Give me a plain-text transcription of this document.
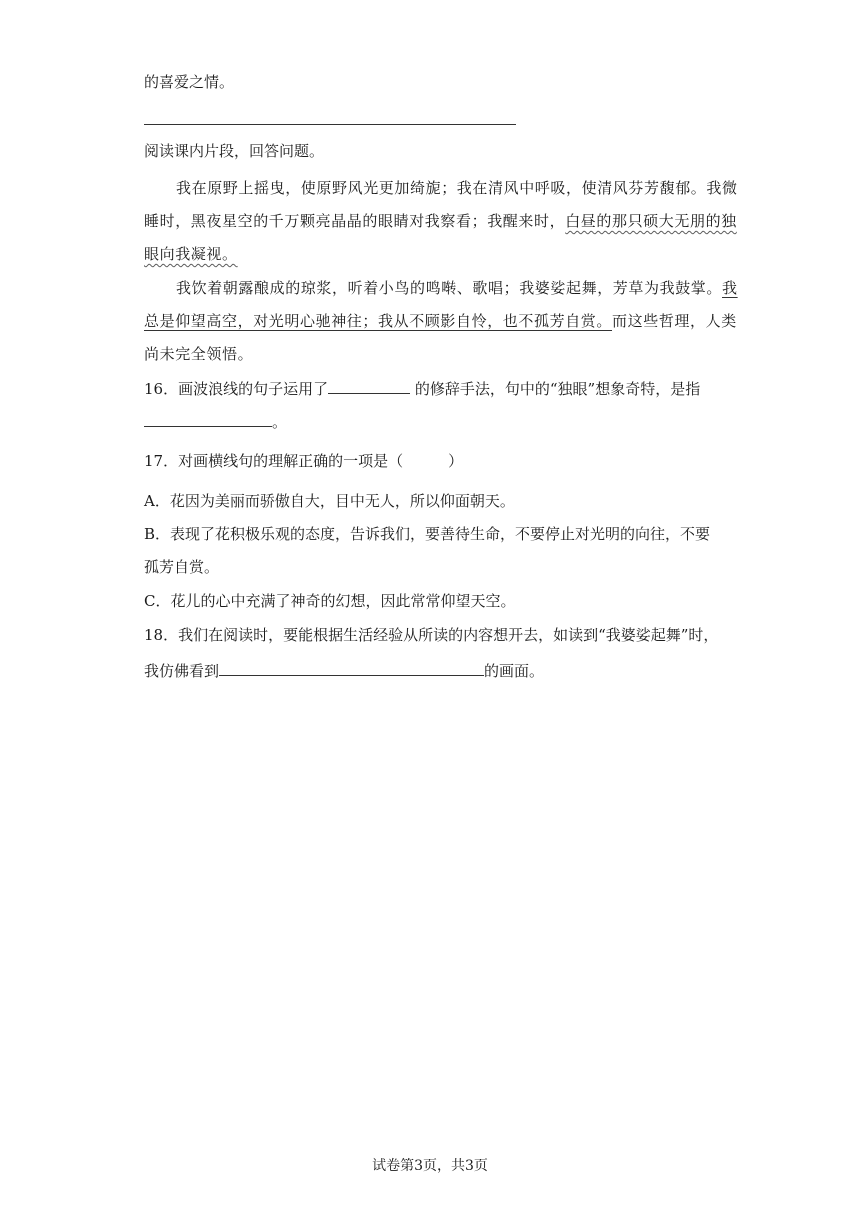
的喜爱之情。
阅读课内片段，回答问题。
我在原野上摇曳，使原野风光更加绮旎；我在清风中呼吸，使清风芬芳馥郁。我微
睡时，黑夜星空的千万颗亮晶晶的眼睛对我察看；我醒来时，白昼的那只硕大无朋的独
眼向我凝视。
我饮着朝露酿成的琼浆，听着小鸟的鸣啭、歌唱；我婆娑起舞，芳草为我鼓掌。我
总是仰望高空，对光明心驰神往；我从不顾影自怜，也不孤芳自赏。而这些哲理，人类
尚未完全领悟。
16．画波浪线的句子运用了	的修辞手法，句中的“独眼”想象奇特，是指
。
17．对画横线句的理解正确的一项是（　　　）
A．花因为美丽而骄傲自大，目中无人，所以仰面朝天。
B．表现了花积极乐观的态度，告诉我们，要善待生命，不要停止对光明的向往，不要
孤芳自赏。
C．花儿的心中充满了神奇的幻想，因此常常仰望天空。
18．我们在阅读时，要能根据生活经验从所读的内容想开去，如读到“我婆娑起舞”时，
我仿佛看到	的画面。
试卷第3页，共3页
